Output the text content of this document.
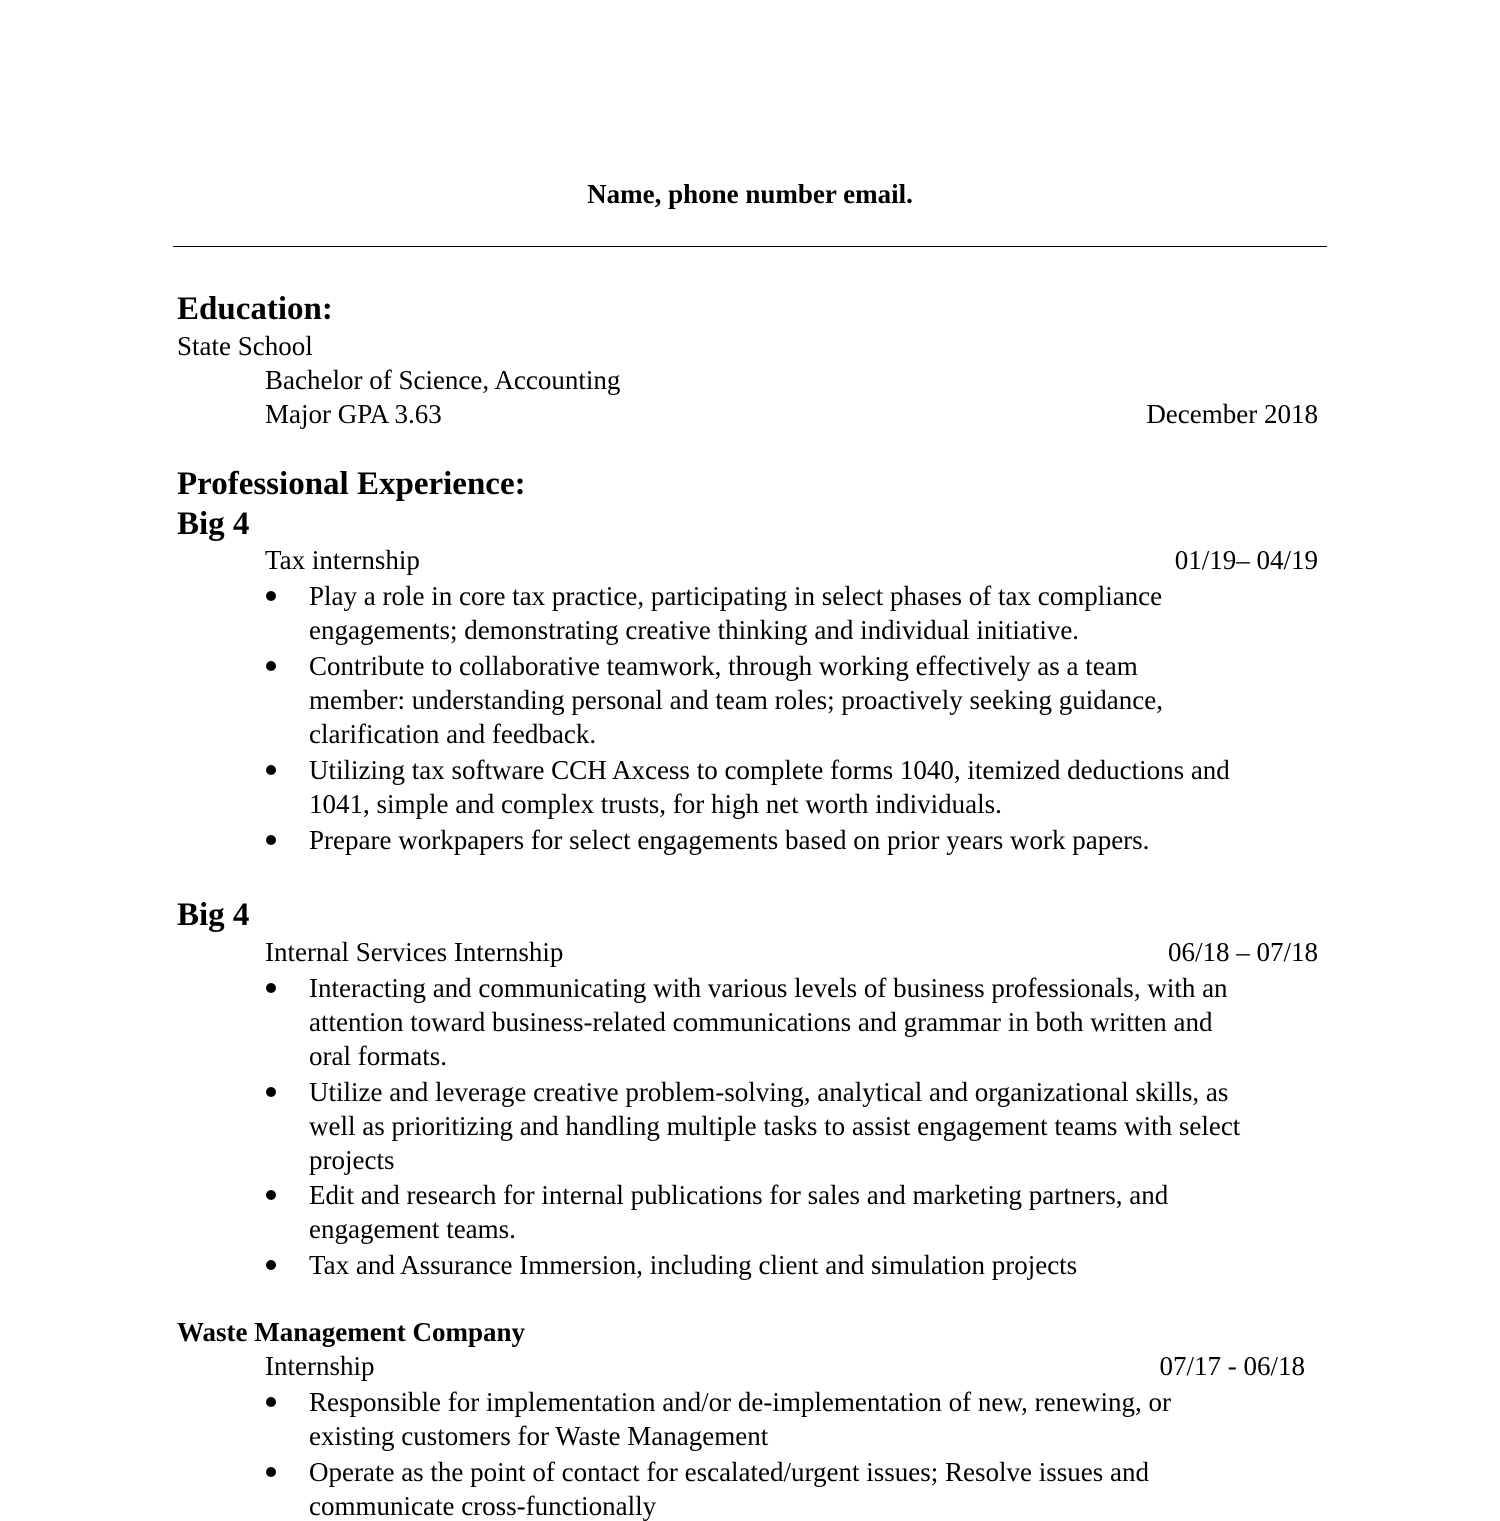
Name, phone number email.
Education:
State School
Bachelor of Science, Accounting
Major GPA 3.63	December 2018
Professional Experience:
Big 4
Tax internship	01/19– 04/19
Play a role in core tax practice, participating in select phases of tax compliance
engagements; demonstrating creative thinking and individual initiative.
Contribute to collaborative teamwork, through working effectively as a team
member: understanding personal and team roles; proactively seeking guidance,
clarification and feedback.
Utilizing tax software CCH Axcess to complete forms 1040, itemized deductions and
1041, simple and complex trusts, for high net worth individuals.
Prepare workpapers for select engagements based on prior years work papers.
Big 4
Internal Services Internship	06/18 – 07/18
Interacting and communicating with various levels of business professionals, with an
attention toward business-related communications and grammar in both written and
oral formats.
Utilize and leverage creative problem-solving, analytical and organizational skills, as
well as prioritizing and handling multiple tasks to assist engagement teams with select
projects
Edit and research for internal publications for sales and marketing partners, and
engagement teams.
Tax and Assurance Immersion, including client and simulation projects
Waste Management Company
Internship	07/17 - 06/18
Responsible for implementation and/or de-implementation of new, renewing, or
existing customers for Waste Management
Operate as the point of contact for escalated/urgent issues; Resolve issues and
communicate cross-functionally
